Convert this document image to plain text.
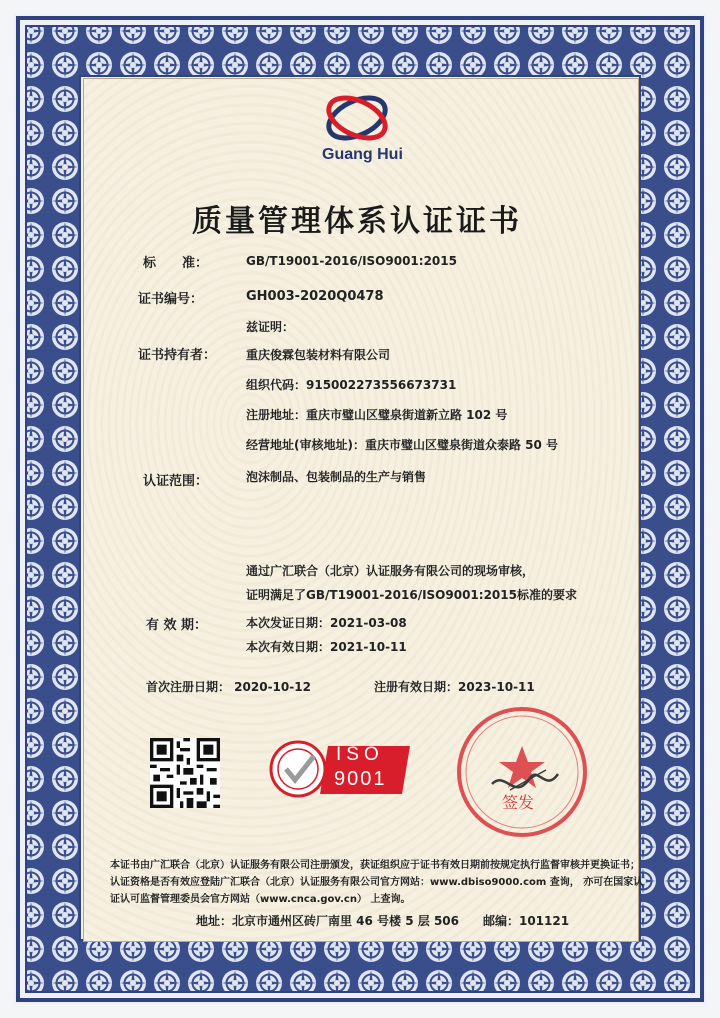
Guang Hui
质量管理体系认证证书
标　　准：	GB/T19001-2016/ISO9001:2015
证书编号：	GH003-2020Q0478
兹证明：
证书持有者： 重庆俊霖包装材料有限公司
组织代码：915002273556673731
注册地址：重庆市璧山区璧泉街道新立路 102 号
经营地址(审核地址)：重庆市璧山区璧泉街道众泰路 50 号
认证范围：	泡沫制品、包装制品的生产与销售
通过广汇联合（北京）认证服务有限公司的现场审核，
证明满足了GB/T19001-2016/ISO9001:2015标准的要求
有 效 期：	本次发证日期：2021-03-08
本次有效日期：2021-10-11
首次注册日期： 2020-10-12	注册有效日期：2023-10-11
ISO
9001
签发
本证书由广汇联合（北京）认证服务有限公司注册颁发，获证组织应于证书有效日期前按规定执行监督审核并更换证书；
认证资格是否有效应登陆广汇联合（北京）认证服务有限公司官方网站：www.dbiso9000.com 查询， 亦可在国家认
证认可监督管理委员会官方网站（www.cnca.gov.cn） 上查询。
地址：北京市通州区砖厂南里 46 号楼 5 层 506　　邮编：101121
